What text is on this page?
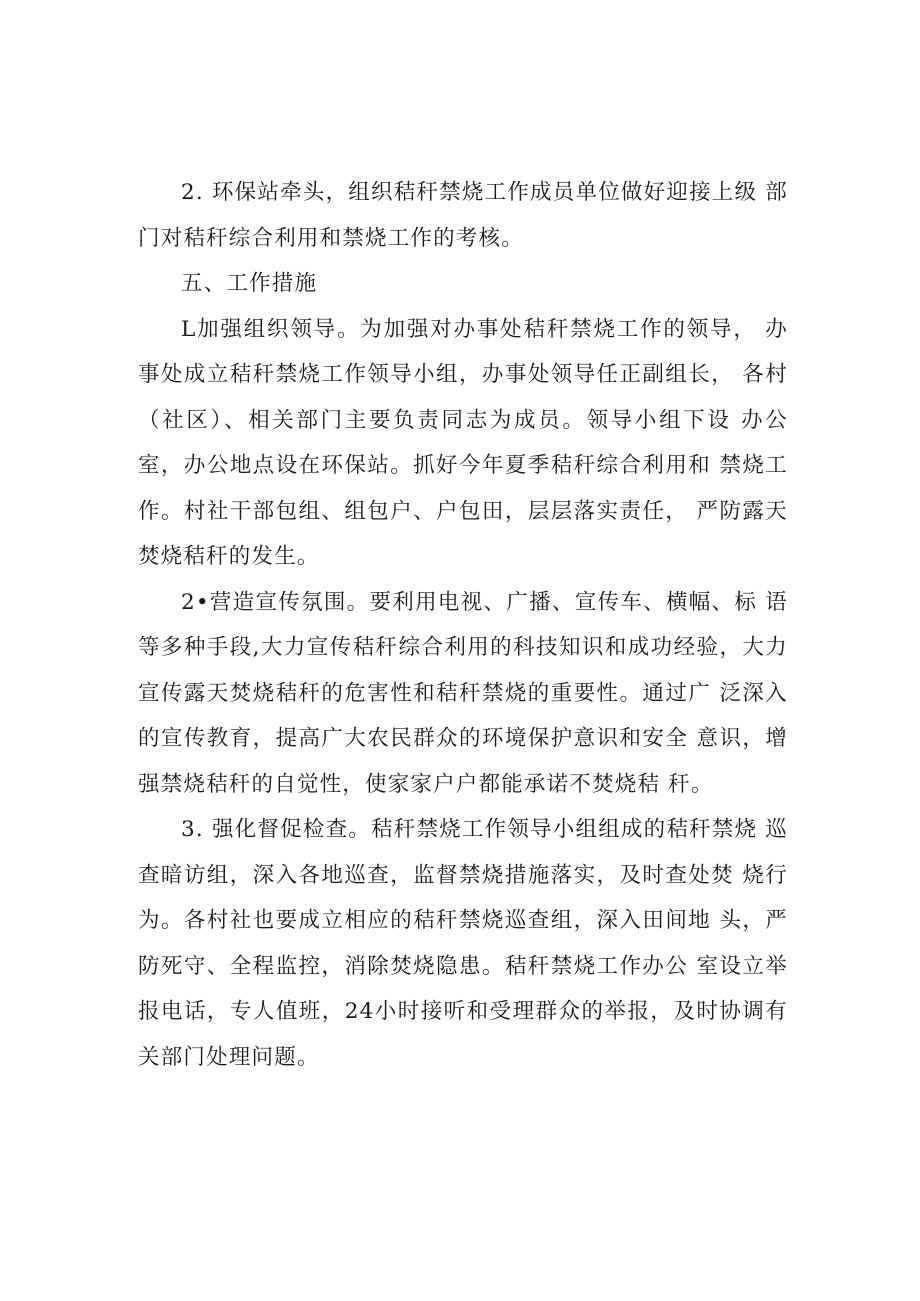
2. 环保站牵头，组织秸秆禁烧工作成员单位做好迎接上级 部门对秸秆综合利用和禁烧工作的考核。

五、工作措施

L加强组织领导。为加强对办事处秸秆禁烧工作的领导， 办事处成立秸秆禁烧工作领导小组，办事处领导任正副组长， 各村（社区）、相关部门主要负责同志为成员。领导小组下设 办公室，办公地点设在环保站。抓好今年夏季秸秆综合利用和 禁烧工作。村社干部包组、组包户、户包田，层层落实责任， 严防露天焚烧秸秆的发生。

2•营造宣传氛围。要利用电视、广播、宣传车、横幅、标 语等多种手段,大力宣传秸秆综合利用的科技知识和成功经验，大力宣传露天焚烧秸秆的危害性和秸秆禁烧的重要性。通过广 泛深入的宣传教育，提高广大农民群众的环境保护意识和安全 意识，增强禁烧秸秆的自觉性，使家家户户都能承诺不焚烧秸 秆。

3. 强化督促检查。秸秆禁烧工作领导小组组成的秸秆禁烧 巡查暗访组，深入各地巡查，监督禁烧措施落实，及时查处焚 烧行为。各村社也要成立相应的秸秆禁烧巡查组，深入田间地 头，严防死守、全程监控，消除焚烧隐患。秸秆禁烧工作办公 室设立举报电话，专人值班，24小时接听和受理群众的举报，及时协调有关部门处理问题。
